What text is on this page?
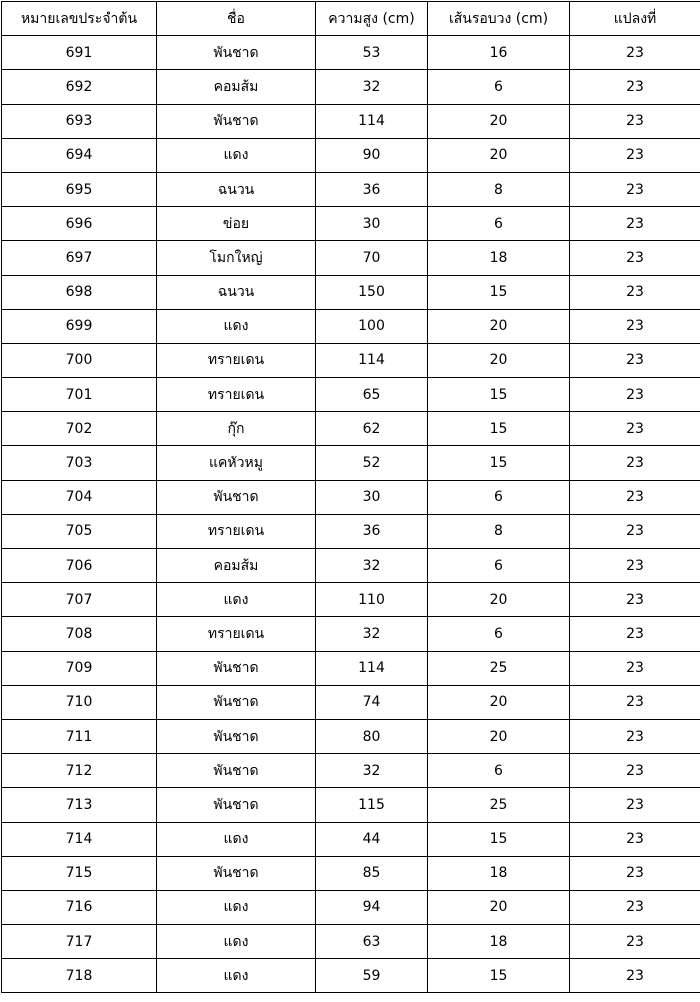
หมายเลขประจำต้น	ชื่อ	ความสูง (cm)	เส้นรอบวง (cm)	แปลงที่
691	พันชาด	53	16	23
692	คอมส้ม	32	6	23
693	พันชาด	114	20	23
694	แดง	90	20	23
695	ฉนวน	36	8	23
696	ข่อย	30	6	23
697	โมกใหญ่	70	18	23
698	ฉนวน	150	15	23
699	แดง	100	20	23
700	ทรายเดน	114	20	23
701	ทรายเดน	65	15	23
702	กุ๊ก	62	15	23
703	แคหัวหมู	52	15	23
704	พันชาด	30	6	23
705	ทรายเดน	36	8	23
706	คอมส้ม	32	6	23
707	แดง	110	20	23
708	ทรายเดน	32	6	23
709	พันชาด	114	25	23
710	พันชาด	74	20	23
711	พันชาด	80	20	23
712	พันชาด	32	6	23
713	พันชาด	115	25	23
714	แดง	44	15	23
715	พันชาด	85	18	23
716	แดง	94	20	23
717	แดง	63	18	23
718	แดง	59	15	23
